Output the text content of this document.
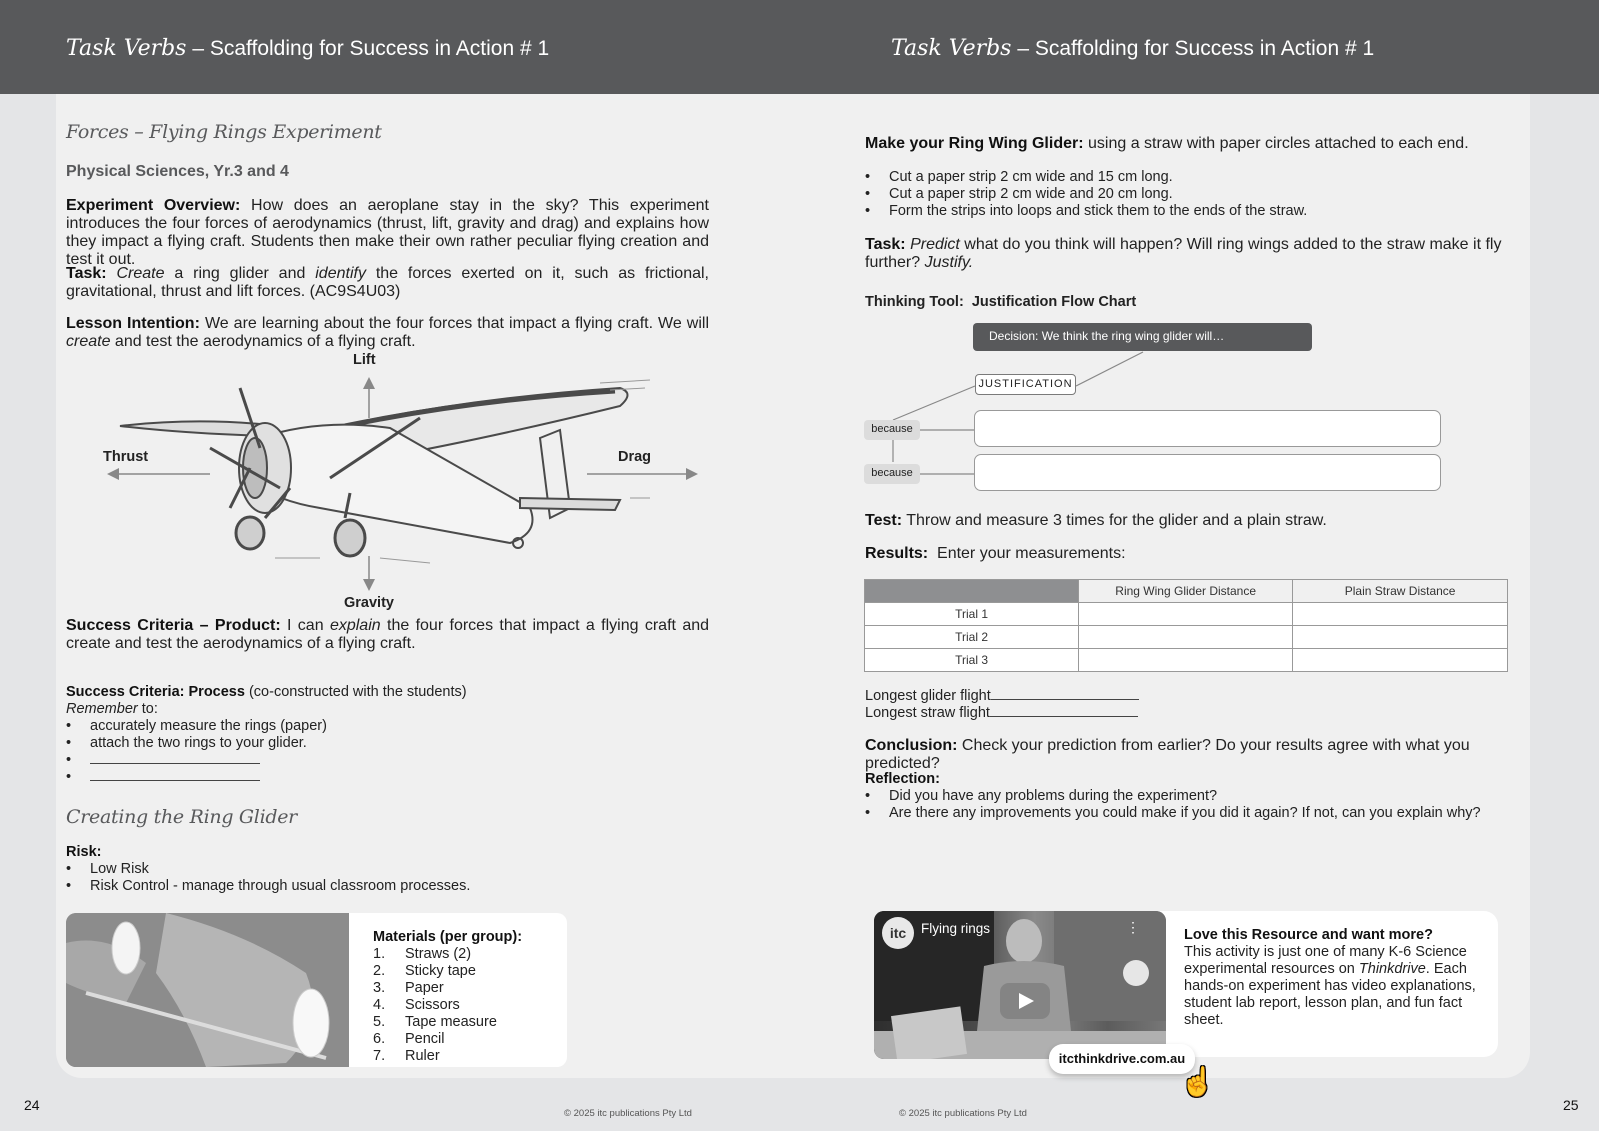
Task Verbs – Scaffolding for Success in Action # 1	Task Verbs – Scaffolding for Success in Action # 1
Forces – Flying Rings Experiment
Physical Sciences, Yr.3 and 4

Experiment Overview: How does an aeroplane stay in the sky? This experiment introduces the four forces of aerodynamics (thrust, lift, gravity and drag) and explains how they impact a flying craft. Students then make their own rather peculiar flying creation and test it out.

Task: Create a ring glider and identify the forces exerted on it, such as frictional, gravitational, thrust and lift forces. (AC9S4U03)

Lesson Intention: We are learning about the four forces that impact a flying craft. We will create and test the aerodynamics of a flying craft.

Lift
Thrust	Drag
Gravity

Success Criteria – Product: I can explain the four forces that impact a flying craft and create and test the aerodynamics of a flying craft.

Success Criteria: Process (co-constructed with the students)
Remember to:
• accurately measure the rings (paper)
• attach the two rings to your glider.
•
•
Creating the Ring Glider
Risk:
• Low Risk
• Risk Control - manage through usual classroom processes.
Materials (per group):
1. Straws (2)
2. Sticky tape
3. Paper
4. Scissors
5. Tape measure
6. Pencil
7. Ruler
24
© 2025 itc publications Pty Ltd

Make your Ring Wing Glider: using a straw with paper circles attached to each end.

• Cut a paper strip 2 cm wide and 15 cm long.
• Cut a paper strip 2 cm wide and 20 cm long.
• Form the strips into loops and stick them to the ends of the straw.

Task: Predict what do you think will happen? Will ring wings added to the straw make it fly further? Justify.

Thinking Tool:  Justification Flow Chart
Decision: We think the ring wing glider will…
JUSTIFICATION
because
because

Test: Throw and measure 3 times for the glider and a plain straw.

Results:  Enter your measurements:

	Ring Wing Glider Distance	Plain Straw Distance
Trial 1		
Trial 2		
Trial 3		
Longest glider flight
Longest straw flight

Conclusion: Check your prediction from earlier? Do your results agree with what you predicted?

Reflection:
• Did you have any problems during the experiment?
• Are there any improvements you could make if you did it again? If not, can you explain why?
itc	Flying rings	⋮	Love this Resource and want more?
This activity is just one of many K-6 Science experimental resources on Thinkdrive. Each hands-on experiment has video explanations, student lab report, lesson plan, and fun fact sheet.
itcthinkdrive.com.au
☝
© 2025 itc publications Pty Ltd
25
